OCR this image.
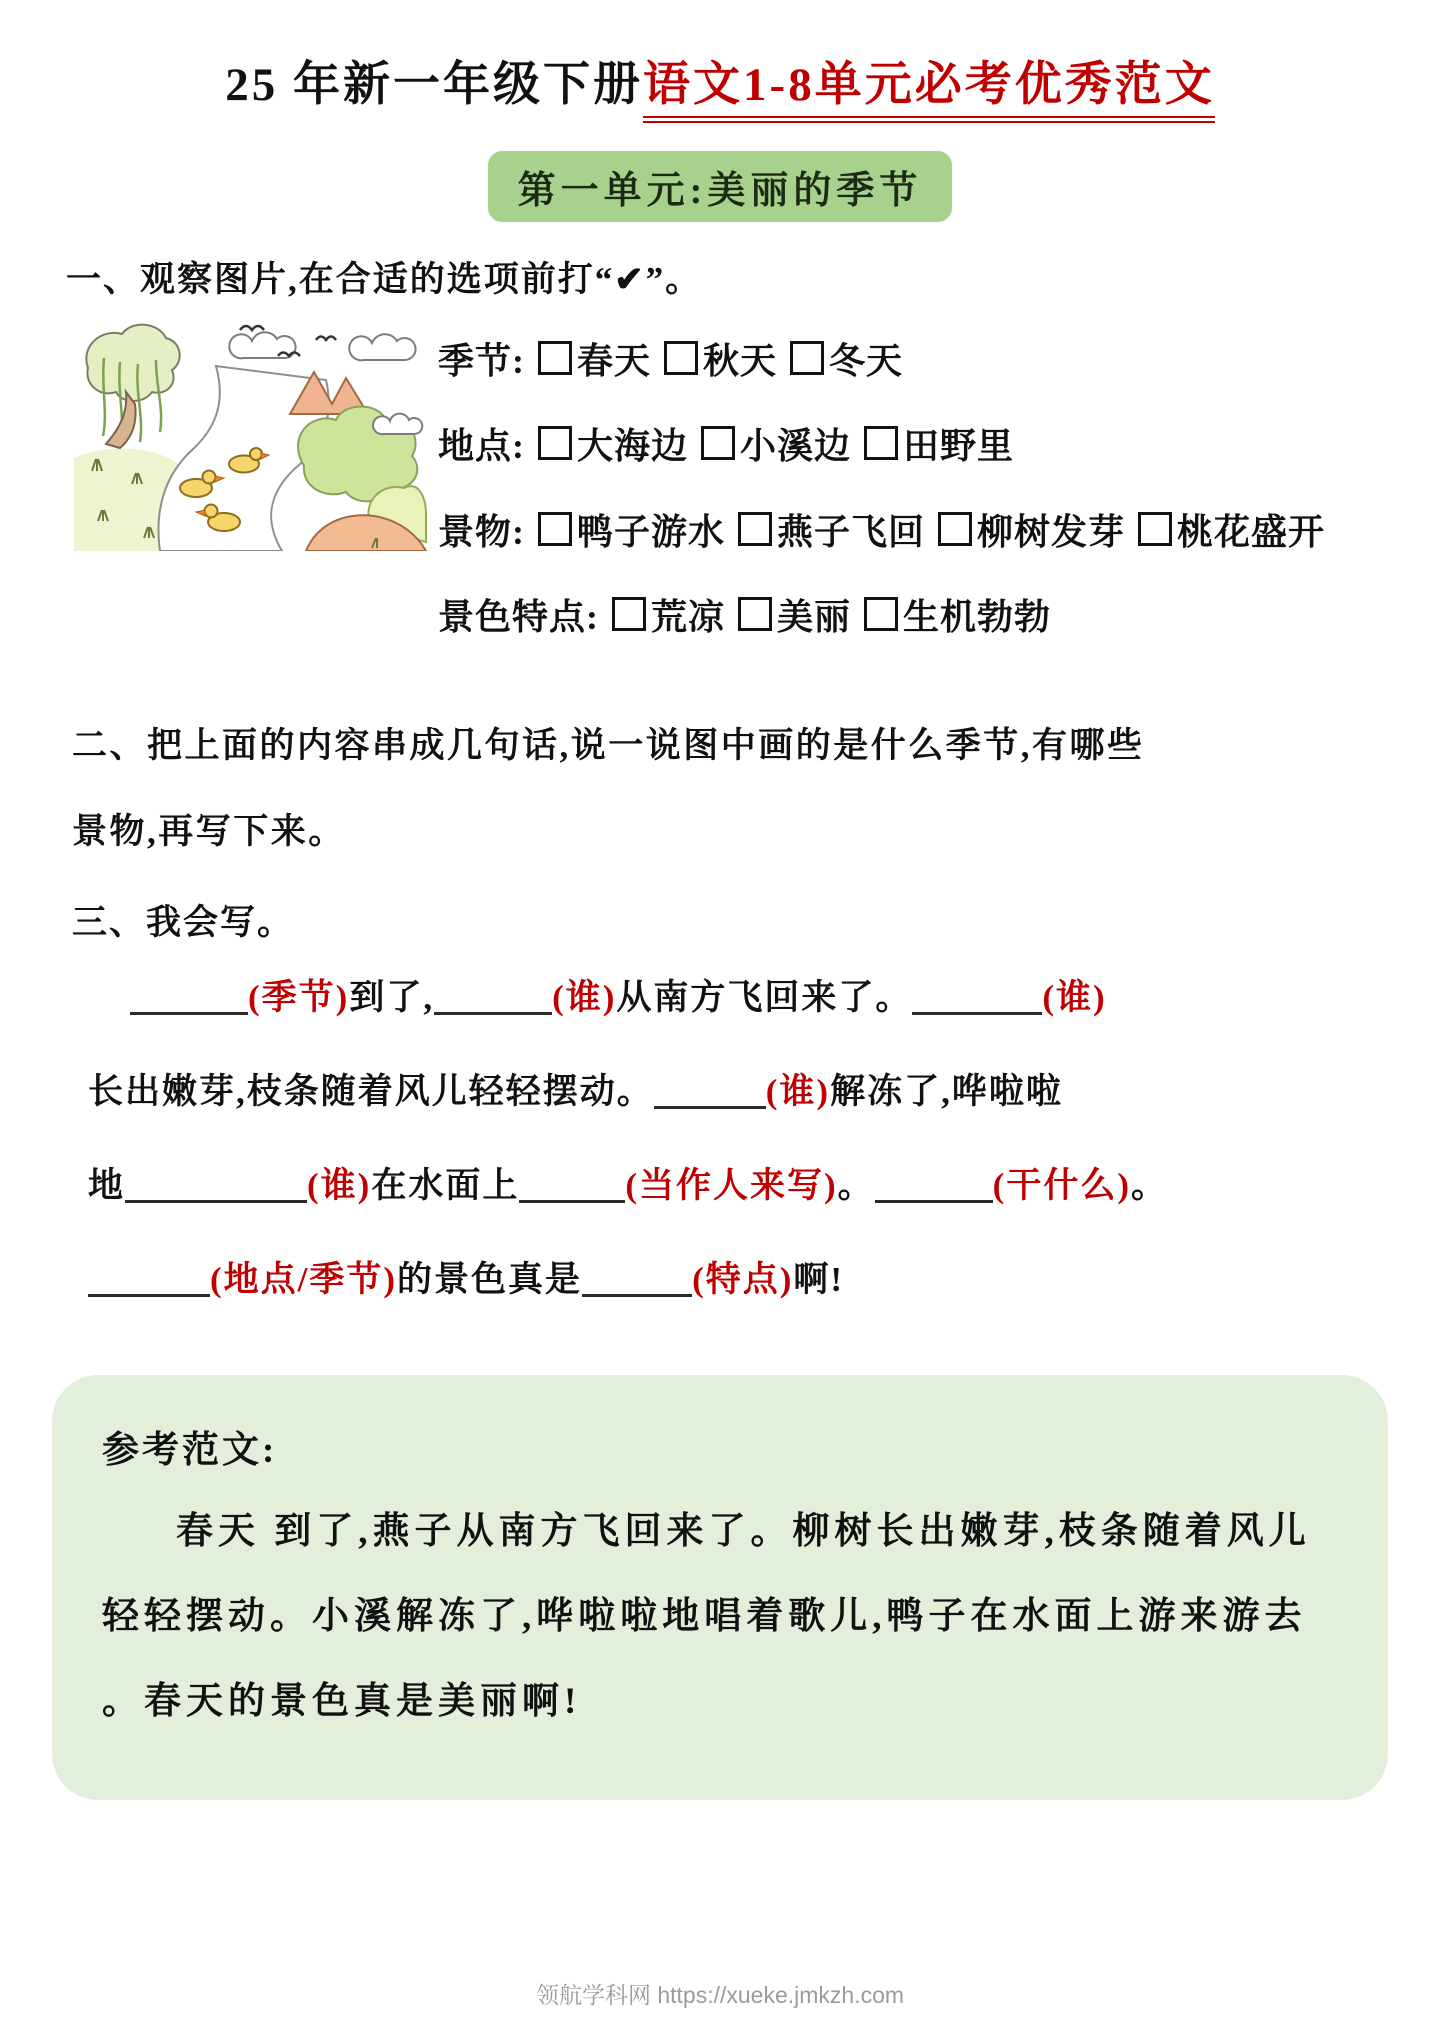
25 年新一年级下册语文1-8单元必考优秀范文
第一单元:美丽的季节
一、观察图片,在合适的选项前打“✔”。
季节: 春天 秋天 冬天
地点: 大海边 小溪边 田野里
景物: 鸭子游水 燕子飞回 柳树发芽 桃花盛开
景色特点: 荒凉 美丽 生机勃勃
二、把上面的内容串成几句话,说一说图中画的是什么季节,有哪些景物,再写下来。
三、我会写。
(季节)到了,	(谁)从南方飞回来了。	(谁)
长出嫩芽,枝条随着风儿轻轻摆动。	(谁)解冻了,哗啦啦
地	(谁)在水面上	(当作人来写)。	(干什么)。
(地点/季节)的景色真是	(特点)啊!
参考范文:

春天 到了,燕子从南方飞回来了。柳树长出嫩芽,枝条随着风儿轻轻摆动。小溪解冻了,哗啦啦地唱着歌儿,鸭子在水面上游来游去 。春天的景色真是美丽啊!

领航学科网 https://xueke.jmkzh.com
